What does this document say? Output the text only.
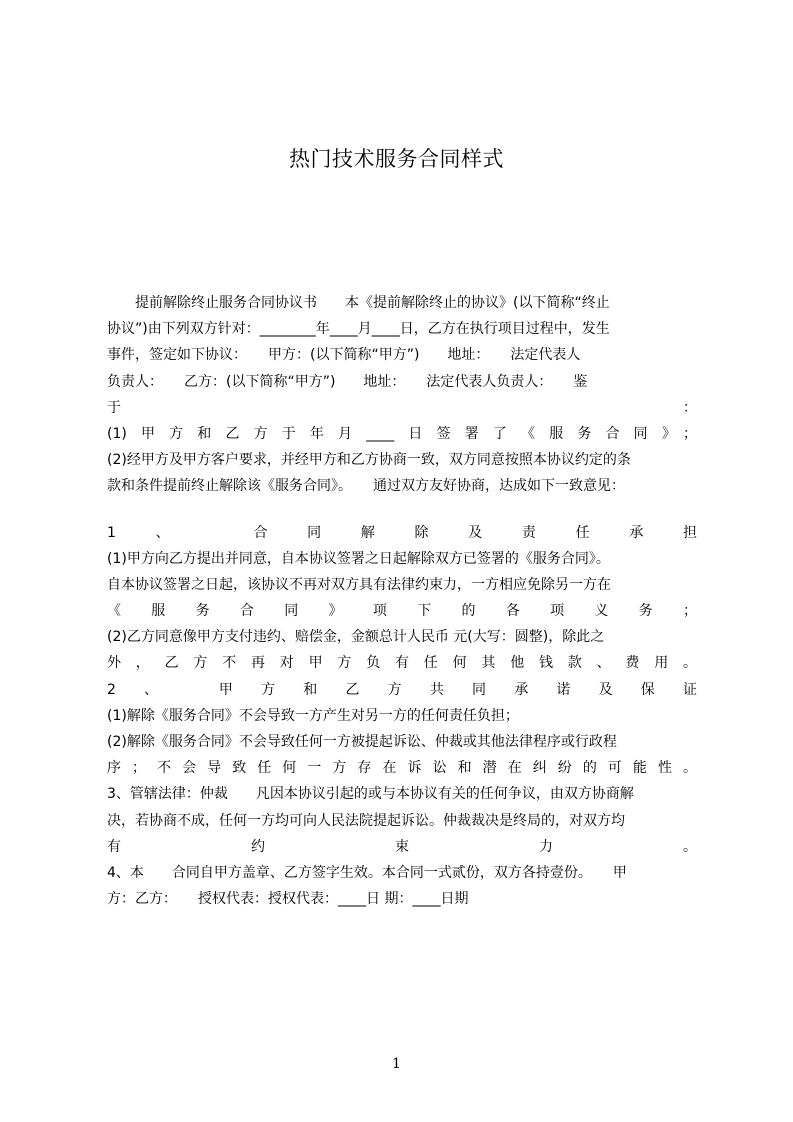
热门技术服务合同样式
　　提前解除终止服务合同协议书　　本《提前解除终止的协议》(以下简称“终止
协议”)由下列双方针对：________年____月____日，乙方在执行项目过程中，发生
事件，签定如下协议：　　甲方：(以下简称“甲方”)　　地址：　　法定代表人
负责人：　　乙方：(以下简称“甲方”)　　地址：　　法定代表人负责人：　　鉴
于 ：
(1)甲方和乙方于年月____日签署了《服务合同》；
(2)经甲方及甲方客户要求，并经甲方和乙方协商一致，双方同意按照本协议约定的条
款和条件提前终止解除该《服务合同》。　　通过双方友好协商，达成如下一致意见：
1、 合同解除及责任承担
(1)甲方向乙方提出并同意，自本协议签署之日起解除双方已签署的《服务合同》。
自本协议签署之日起，该协议不再对双方具有法律约束力，一方相应免除另一方在
《 服 务 合 同 》 项 下 的 各 项 义 务 ；
(2)乙方同意像甲方支付违约、赔偿金，金额总计人民币 元(大写：圆整)，除此之
外，乙方不再对甲方负有任何其他钱款、费用。
2、 甲方和乙方共同承诺及保证
(1)解除《服务合同》不会导致一方产生对另一方的任何责任负担；
(2)解除《服务合同》不会导致任何一方被提起诉讼、仲裁或其他法律程序或行政程
序；不会导致任何一方存在诉讼和潜在纠纷的可能性。
3、管辖法律：仲裁　　凡因本协议引起的或与本协议有关的任何争议，由双方协商解
决，若协商不成，任何一方均可向人民法院提起诉讼。仲裁裁决是终局的，对双方均
有 约 束 力 。
4、本　　合同自甲方盖章、乙方签字生效。本合同一式贰份，双方各持壹份。　　甲
方：乙方：　　授权代表：授权代表：____日 期：____日期
1
